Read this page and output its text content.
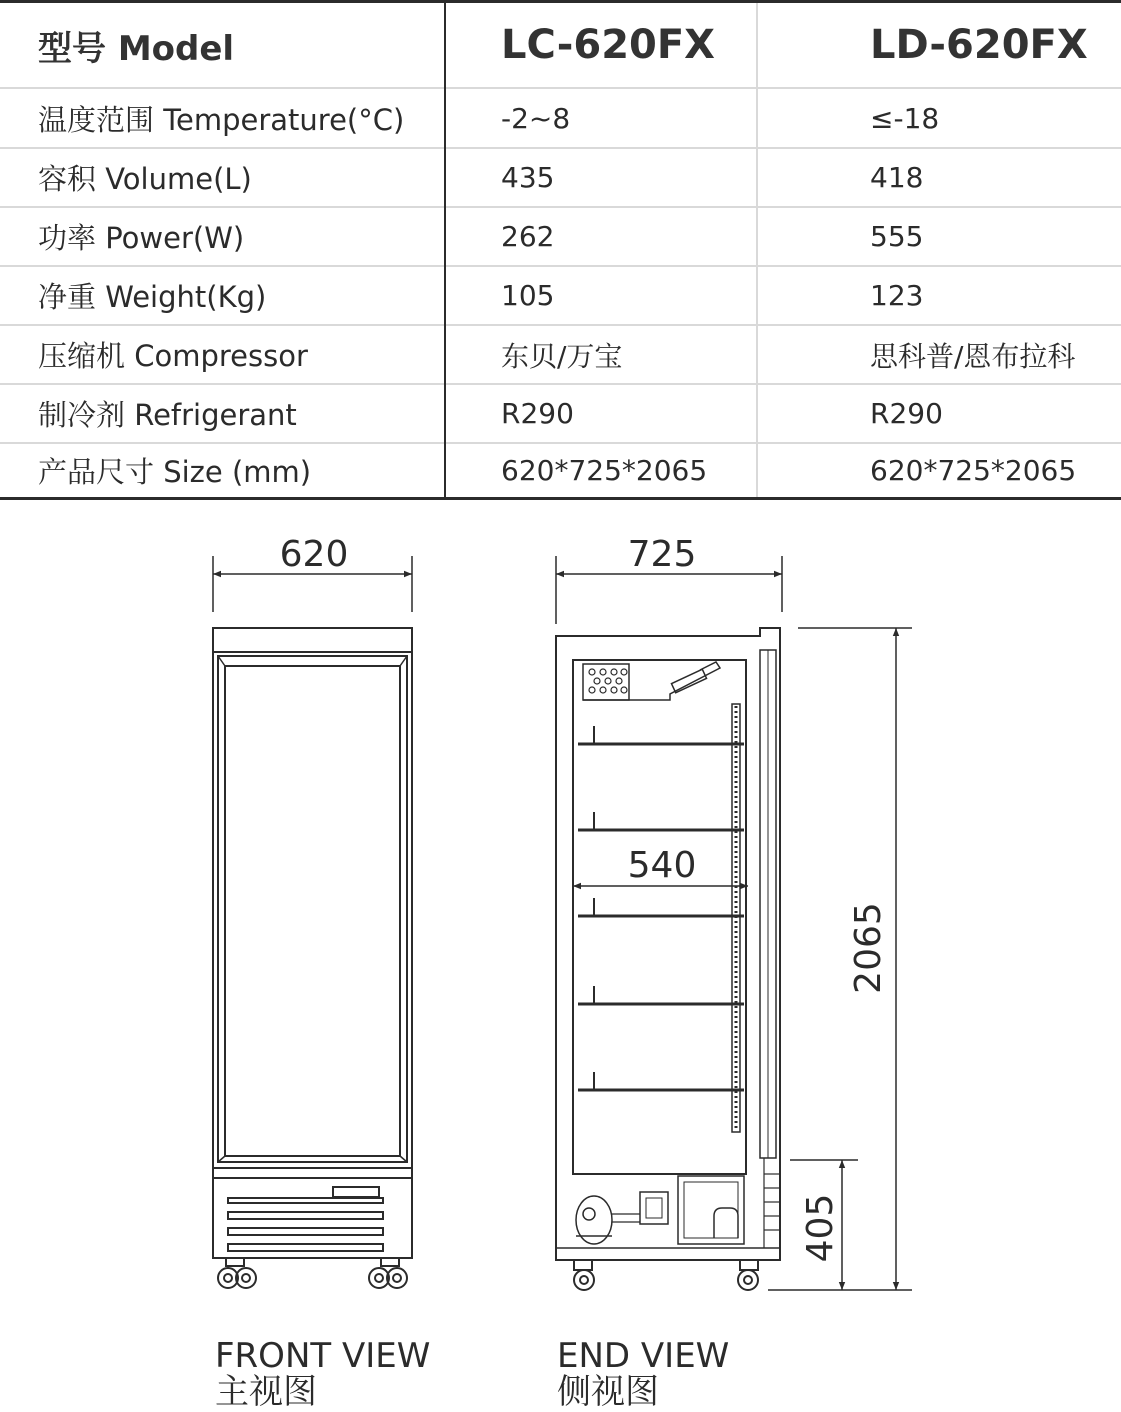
型号 Model	LC-620FX	LD-620FX
温度范围 Temperature(°C)	-2~8	≤-18
容积 Volume(L)	435	418
功率 Power(W)	262	555
净重 Weight(Kg)	105	123
压缩机 Compressor	东贝/万宝	思科普/恩布拉科
制冷剂 Refrigerant	R290	R290
产品尺寸 Size (mm)	620*725*2065	620*725*2065
620	725
540
2065
405
FRONT VIEW
主视图
END VIEW
侧视图
